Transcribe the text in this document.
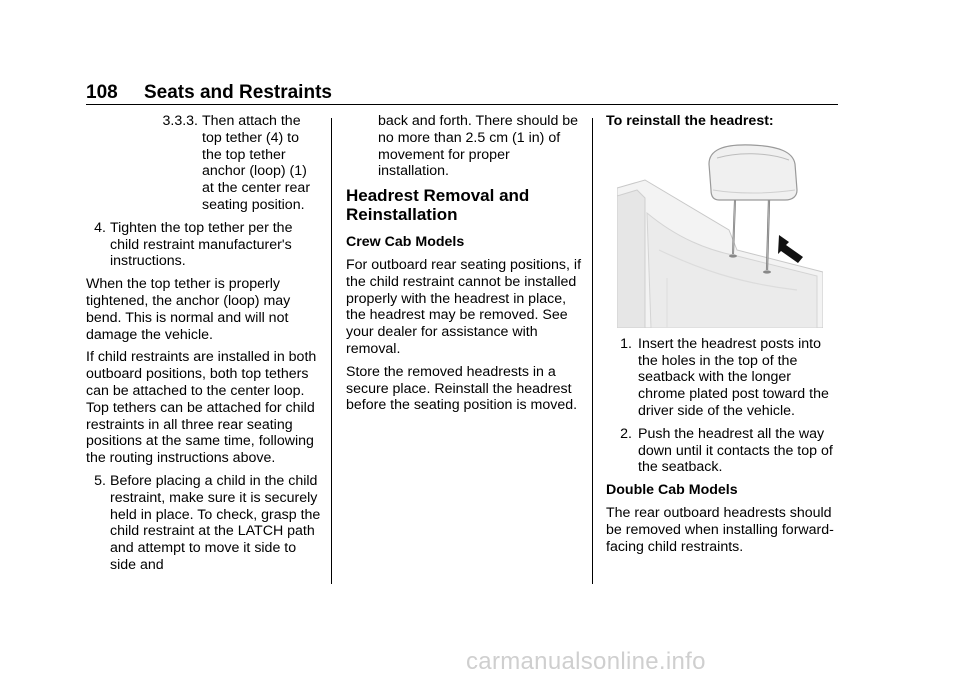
108 Seats and Restraints
3.3.3. Then attach the top tether (4) to the top tether anchor (loop) (1) at the center rear seating position.
4. Tighten the top tether per the child restraint manufacturer's instructions.

When the top tether is properly tightened, the anchor (loop) may bend. This is normal and will not damage the vehicle.

If child restraints are installed in both outboard positions, both top tethers can be attached to the center loop. Top tethers can be attached for child restraints in all three rear seating positions at the same time, following the routing instructions above.

5. Before placing a child in the child restraint, make sure it is securely held in place. To check, grasp the child restraint at the LATCH path and attempt to move it side to side and

back and forth. There should be no more than 2.5 cm (1 in) of movement for proper installation.

Headrest Removal and Reinstallation

Crew Cab Models

For outboard rear seating positions, if the child restraint cannot be installed properly with the headrest in place, the headrest may be removed. See your dealer for assistance with removal.

Store the removed headrests in a secure place. Reinstall the headrest before the seating position is moved.

To reinstall the headrest:

1. Insert the headrest posts into the holes in the top of the seatback with the longer chrome plated post toward the driver side of the vehicle.
2. Push the headrest all the way down until it contacts the top of the seatback.

Double Cab Models

The rear outboard headrests should be removed when installing forward-facing child restraints.

carmanualsonline.info
